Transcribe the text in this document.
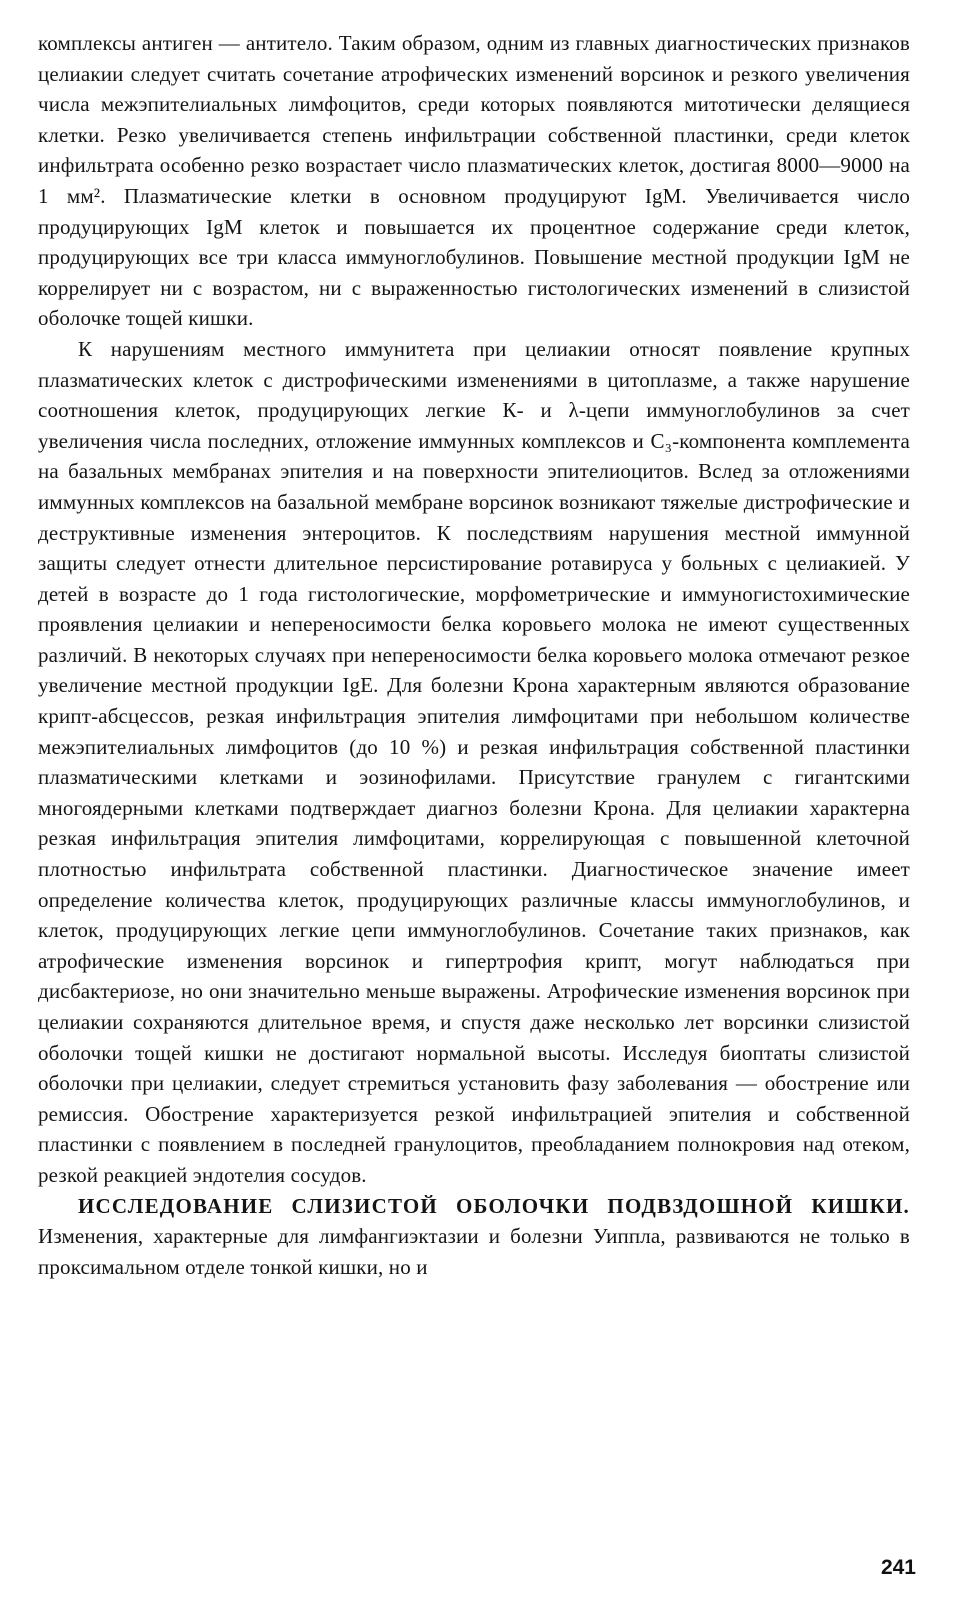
комплексы антиген — антитело. Таким образом, одним из главных диагностических признаков целиакии следует считать сочетание атрофических изменений ворсинок и резкого увеличения числа межэпителиальных лимфоцитов, среди которых появляются митотически делящиеся клетки. Резко увеличивается степень инфильтрации собственной пластинки, среди клеток инфильтрата особенно резко возрастает число плазматических клеток, достигая 8000—9000 на 1 мм². Плазматические клетки в основном продуцируют IgM. Увеличивается число продуцирующих IgM клеток и повышается их процентное содержание среди клеток, продуцирующих все три класса иммуноглобулинов. Повышение местной продукции IgM не коррелирует ни с возрастом, ни с выраженностью гистологических изменений в слизистой оболочке тощей кишки.

К нарушениям местного иммунитета при целиакии относят появление крупных плазматических клеток с дистрофическими изменениями в цитоплазме, а также нарушение соотношения клеток, продуцирующих легкие К- и λ-цепи иммуноглобулинов за счет увеличения числа последних, отложение иммунных комплексов и C₃-компонента комплемента на базальных мембранах эпителия и на поверхности эпителиоцитов. Вслед за отложениями иммунных комплексов на базальной мембране ворсинок возникают тяжелые дистрофические и деструктивные изменения энтероцитов. К последствиям нарушения местной иммунной защиты следует отнести длительное персистирование ротавируса у больных с целиакией. У детей в возрасте до 1 года гистологические, морфометрические и иммуногистохимические проявления целиакии и непереносимости белка коровьего молока не имеют существенных различий. В некоторых случаях при непереносимости белка коровьего молока отмечают резкое увеличение местной продукции IgE. Для болезни Крона характерным являются образование крипт-абсцессов, резкая инфильтрация эпителия лимфоцитами при небольшом количестве межэпителиальных лимфоцитов (до 10 %) и резкая инфильтрация собственной пластинки плазматическими клетками и эозинофилами. Присутствие гранулем с гигантскими многоядерными клетками подтверждает диагноз болезни Крона. Для целиакии характерна резкая инфильтрация эпителия лимфоцитами, коррелирующая с повышенной клеточной плотностью инфильтрата собственной пластинки. Диагностическое значение имеет определение количества клеток, продуцирующих различные классы иммуноглобулинов, и клеток, продуцирующих легкие цепи иммуноглобулинов. Сочетание таких признаков, как атрофические изменения ворсинок и гипертрофия крипт, могут наблюдаться при дисбактериозе, но они значительно меньше выражены. Атрофические изменения ворсинок при целиакии сохраняются длительное время, и спустя даже несколько лет ворсинки слизистой оболочки тощей кишки не достигают нормальной высоты. Исследуя биоптаты слизистой оболочки при целиакии, следует стремиться установить фазу заболевания — обострение или ремиссия. Обострение характеризуется резкой инфильтрацией эпителия и собственной пластинки с появлением в последней гранулоцитов, преобладанием полнокровия над отеком, резкой реакцией эндотелия сосудов.

ИССЛЕДОВАНИЕ СЛИЗИСТОЙ ОБОЛОЧКИ ПОДВЗДОШНОЙ КИШКИ. Изменения, характерные для лимфангиэктазии и болезни Уиппла, развиваются не только в проксимальном отделе тонкой кишки, но и

241
